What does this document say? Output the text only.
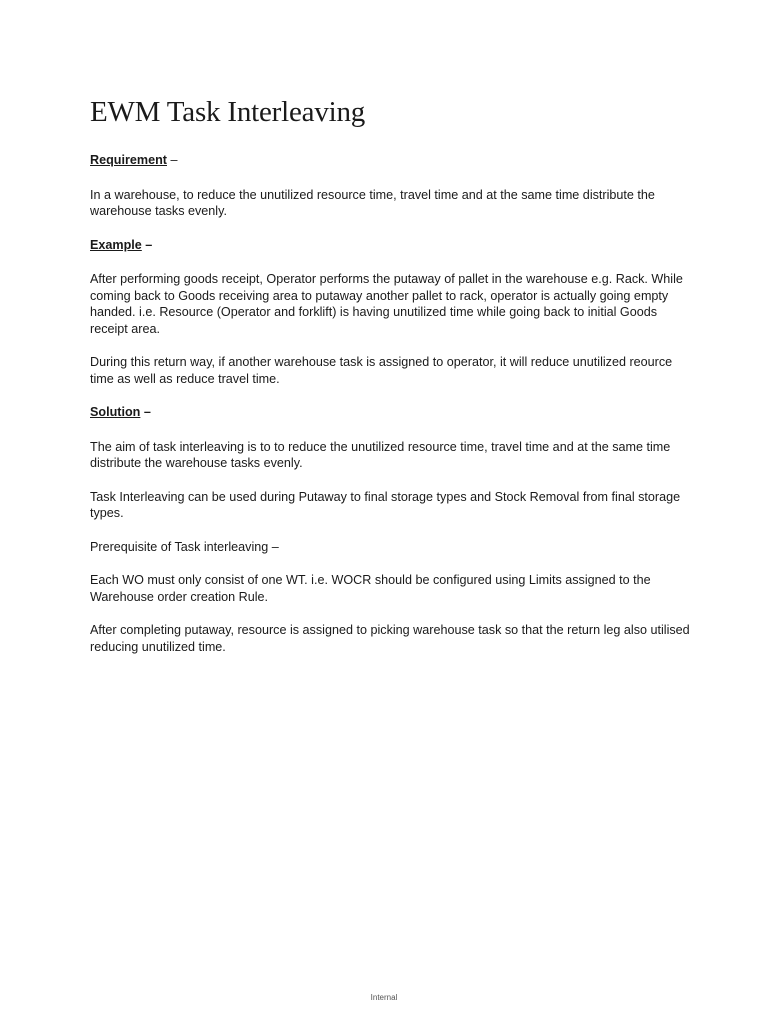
EWM Task Interleaving
Requirement –

In a warehouse, to reduce the unutilized resource time, travel time and at the same time distribute the warehouse tasks evenly.

Example –

After performing goods receipt, Operator performs the putaway of pallet in the warehouse e.g. Rack. While coming back to Goods receiving area to putaway another pallet to rack, operator is actually going empty handed. i.e. Resource (Operator and forklift) is having unutilized time while going back to initial Goods receipt area.

During this return way, if another warehouse task is assigned to operator, it will reduce unutilized reource time as well as reduce travel time.

Solution –

The aim of task interleaving is to to reduce the unutilized resource time, travel time and at the same time distribute the warehouse tasks evenly.

Task Interleaving can be used during Putaway to final storage types and Stock Removal from final storage types.

Prerequisite of Task interleaving –

Each WO must only consist of one WT. i.e. WOCR should be configured using Limits assigned to the Warehouse order creation Rule.

After completing putaway, resource is assigned to picking warehouse task so that the return leg also utilised reducing unutilized time.

Internal
